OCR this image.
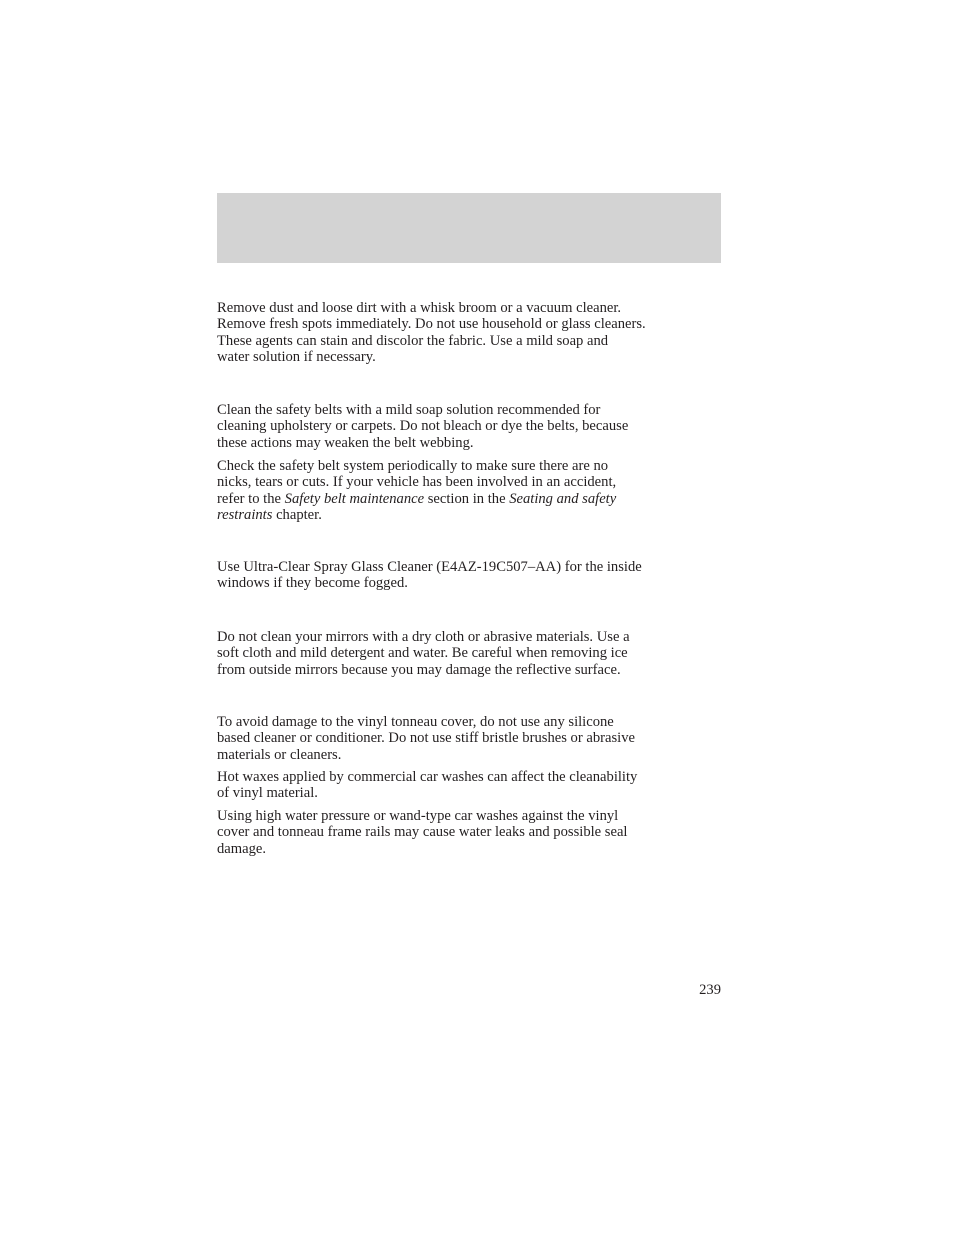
Remove dust and loose dirt with a whisk broom or a vacuum cleaner.
Remove fresh spots immediately. Do not use household or glass cleaners.
These agents can stain and discolor the fabric. Use a mild soap and
water solution if necessary.

Clean the safety belts with a mild soap solution recommended for
cleaning upholstery or carpets. Do not bleach or dye the belts, because
these actions may weaken the belt webbing.

Check the safety belt system periodically to make sure there are no
nicks, tears or cuts. If your vehicle has been involved in an accident,
refer to the Safety belt maintenance section in the Seating and safety
restraints chapter.

Use Ultra-Clear Spray Glass Cleaner (E4AZ-19C507–AA) for the inside
windows if they become fogged.

Do not clean your mirrors with a dry cloth or abrasive materials. Use a
soft cloth and mild detergent and water. Be careful when removing ice
from outside mirrors because you may damage the reflective surface.

To avoid damage to the vinyl tonneau cover, do not use any silicone
based cleaner or conditioner. Do not use stiff bristle brushes or abrasive
materials or cleaners.

Hot waxes applied by commercial car washes can affect the cleanability
of vinyl material.

Using high water pressure or wand-type car washes against the vinyl
cover and tonneau frame rails may cause water leaks and possible seal
damage.

239
